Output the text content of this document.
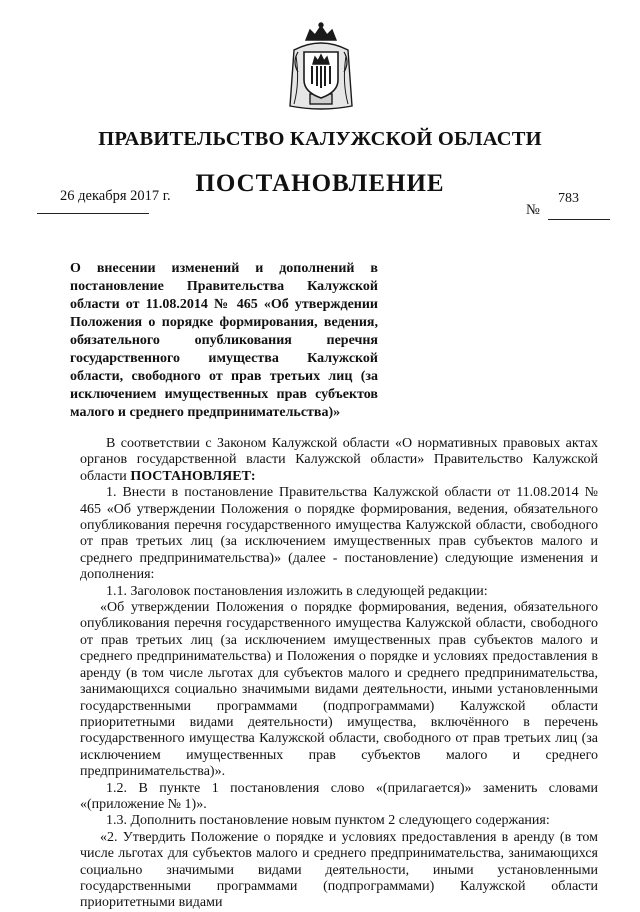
ПРАВИТЕЛЬСТВО КАЛУЖСКОЙ ОБЛАСТИ
ПОСТАНОВЛЕНИЕ
26 декабря 2017 г.	783
№
О внесении изменений и дополнений в постановление Правительства Калужской области от 11.08.2014 № 465 «Об утверждении Положения о порядке формирования, ведения, обязательного опубликования перечня государственного имущества Калужской области, свободного от прав третьих лиц (за исключением имущественных прав субъектов малого и среднего предпринимательства)»

В соответствии с Законом Калужской области «О нормативных правовых актах органов государственной власти Калужской области» Правительство Калужской области ПОСТАНОВЛЯЕТ:

1. Внести в постановление Правительства Калужской области от 11.08.2014 № 465 «Об утверждении Положения о порядке формирования, ведения, обязательного опубликования перечня государственного имущества Калужской области, свободного от прав третьих лиц (за исключением имущественных прав субъектов малого и среднего предпринимательства)» (далее - постановление) следующие изменения и дополнения:

1.1. Заголовок постановления изложить в следующей редакции:

«Об утверждении Положения о порядке формирования, ведения, обязательного опубликования перечня государственного имущества Калужской области, свободного от прав третьих лиц (за исключением имущественных прав субъектов малого и среднего предпринимательства) и Положения о порядке и условиях предоставления в аренду (в том числе льготах для субъектов малого и среднего предпринимательства, занимающихся социально значимыми видами деятельности, иными установленными государственными программами (подпрограммами) Калужской области приоритетными видами деятельности) имущества, включённого в перечень государственного имущества Калужской области, свободного от прав третьих лиц (за исключением имущественных прав субъектов малого и среднего предпринимательства)».

1.2. В пункте 1 постановления слово «(прилагается)» заменить словами «(приложение № 1)».

1.3. Дополнить постановление новым пунктом 2 следующего содержания:

«2. Утвердить Положение о порядке и условиях предоставления в аренду (в том числе льготах для субъектов малого и среднего предпринимательства, занимающихся социально значимыми видами деятельности, иными установленными государственными программами (подпрограммами) Калужской области приоритетными видами
